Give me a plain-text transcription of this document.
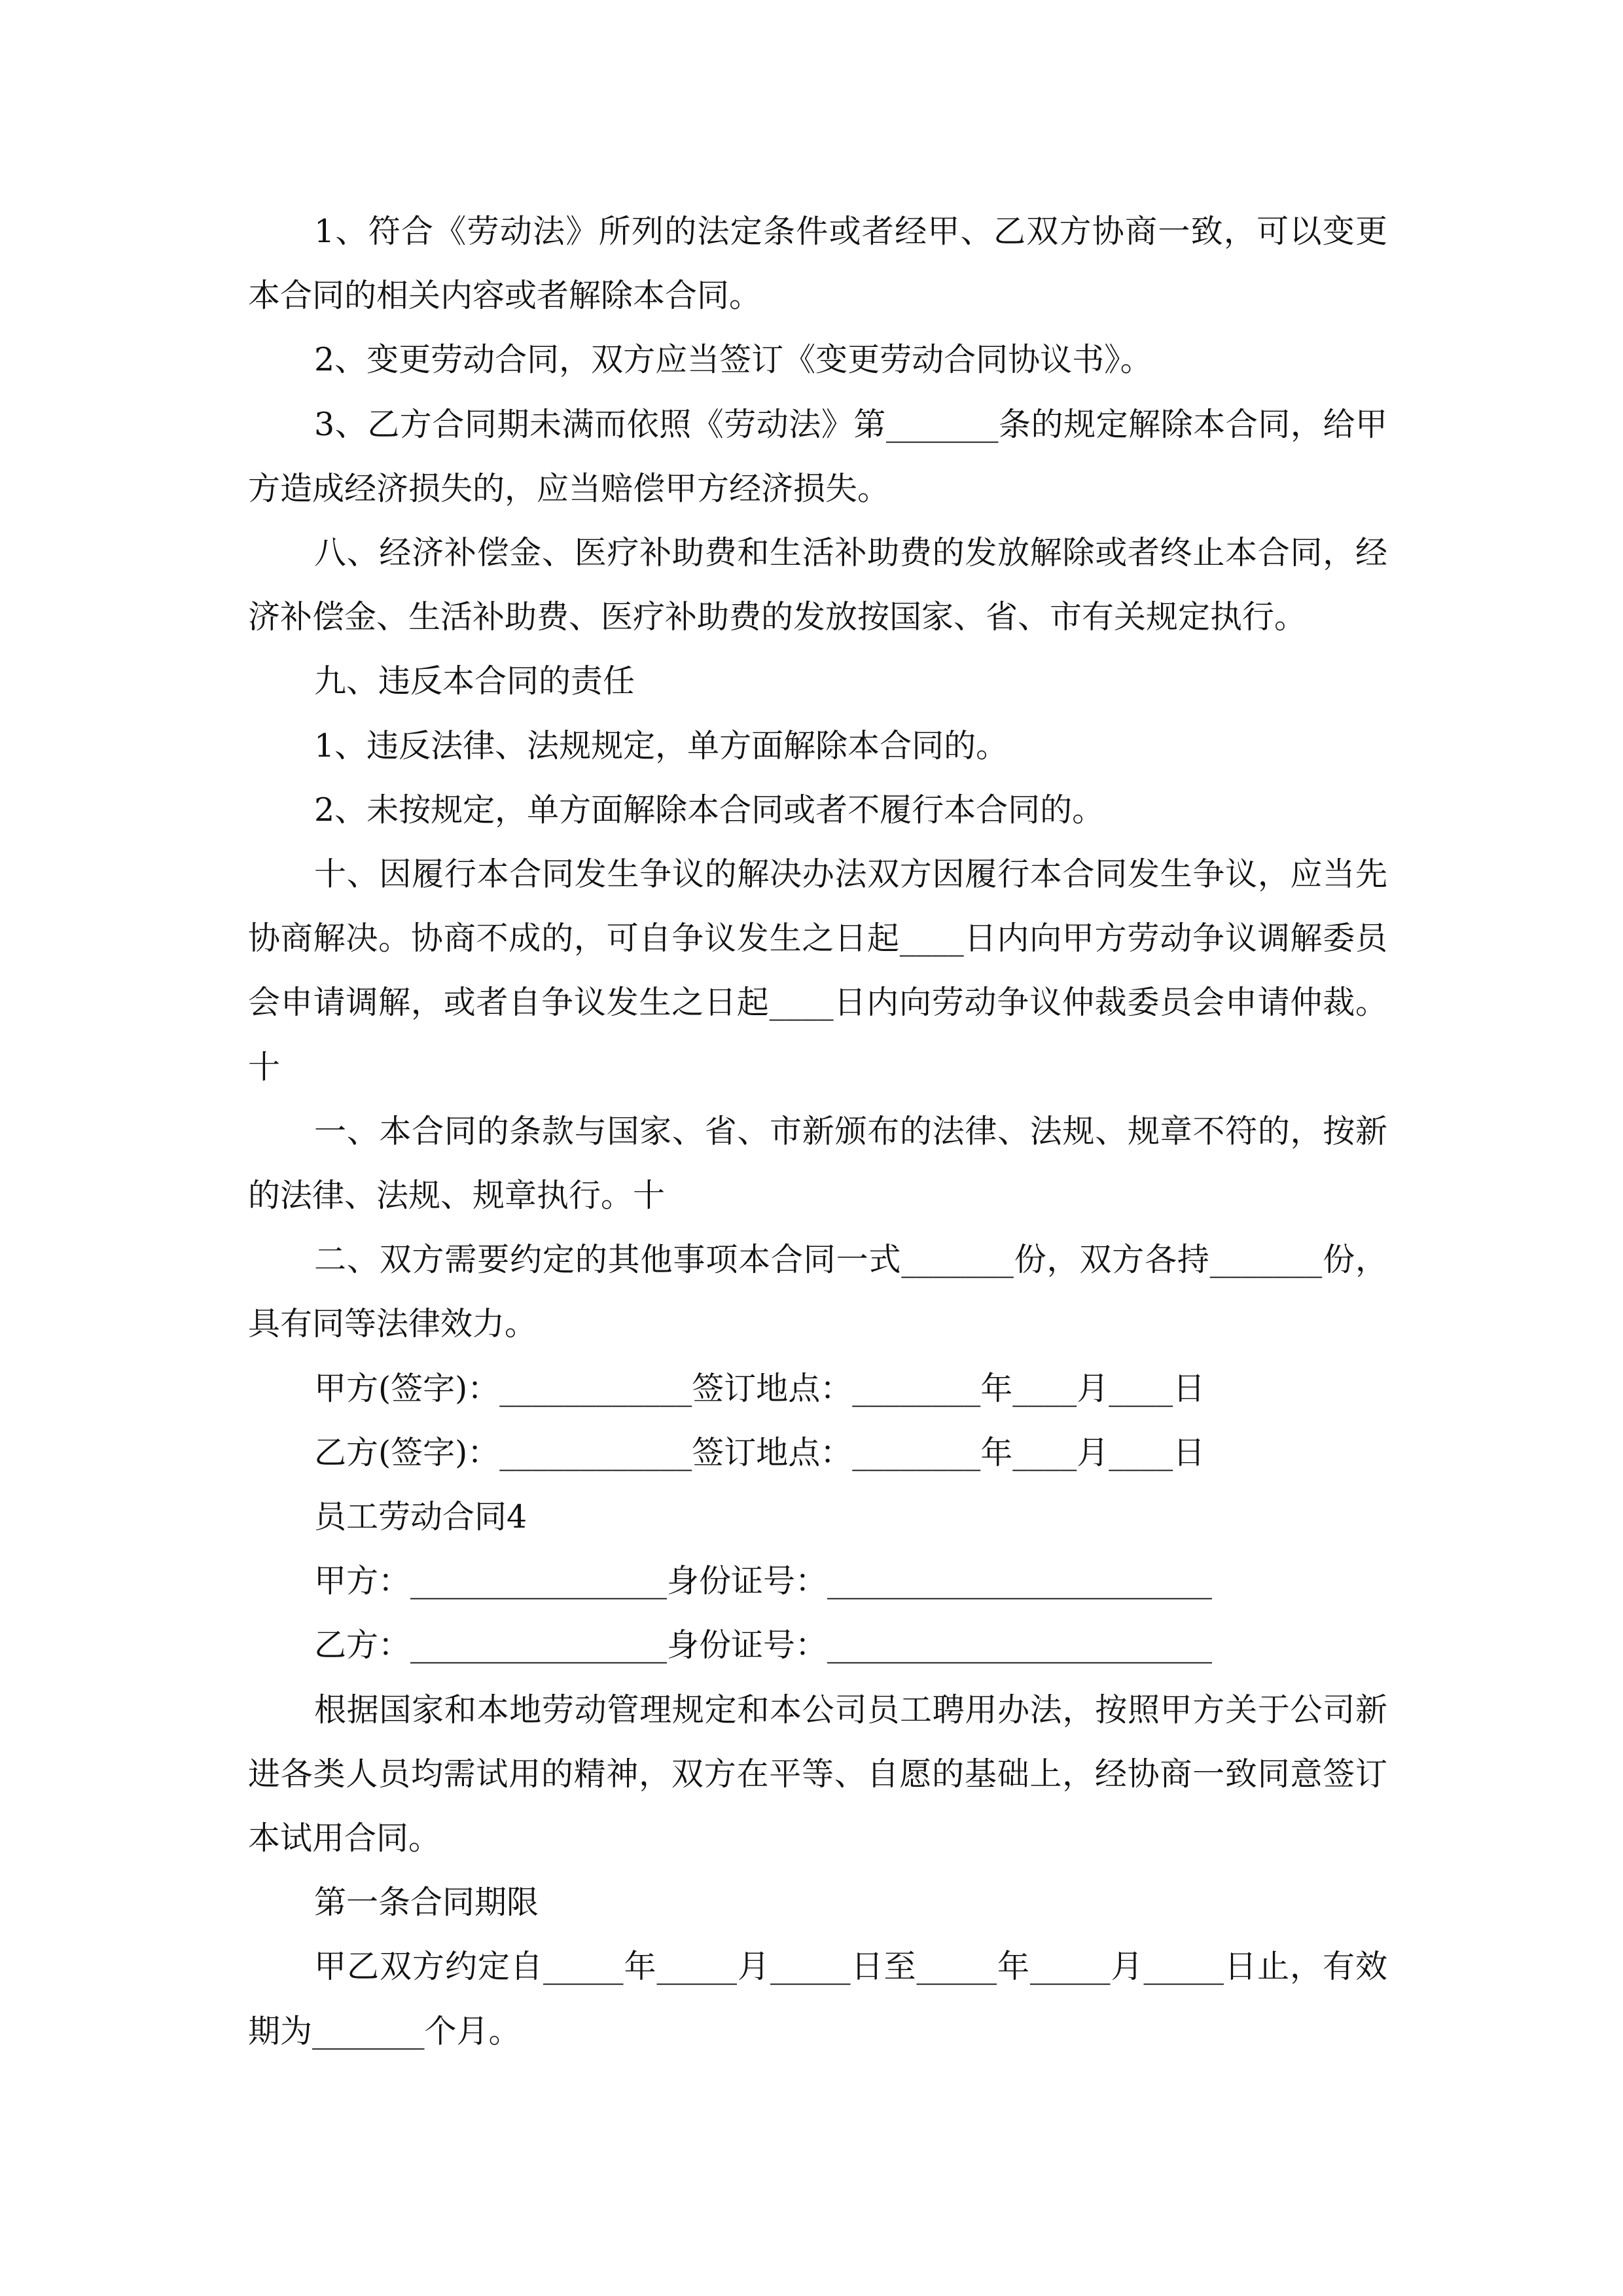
1、符合《劳动法》所列的法定条件或者经甲、乙双方协商一致，可以变更
本合同的相关内容或者解除本合同。
2、变更劳动合同，双方应当签订《变更劳动合同协议书》。
3、乙方合同期未满而依照《劳动法》第_______条的规定解除本合同，给甲
方造成经济损失的，应当赔偿甲方经济损失。
八、经济补偿金、医疗补助费和生活补助费的发放解除或者终止本合同，经
济补偿金、生活补助费、医疗补助费的发放按国家、省、市有关规定执行。
九、违反本合同的责任
1、违反法律、法规规定，单方面解除本合同的。
2、未按规定，单方面解除本合同或者不履行本合同的。
十、因履行本合同发生争议的解决办法双方因履行本合同发生争议，应当先
协商解决。协商不成的，可自争议发生之日起____日内向甲方劳动争议调解委员
会申请调解，或者自争议发生之日起____日内向劳动争议仲裁委员会申请仲裁。
十
一、本合同的条款与国家、省、市新颁布的法律、法规、规章不符的，按新
的法律、法规、规章执行。十
二、双方需要约定的其他事项本合同一式_______份，双方各持_______份，
具有同等法律效力。
甲方(签字)：____________签订地点：________年____月____日
乙方(签字)：____________签订地点：________年____月____日
员工劳动合同4
甲方：________________身份证号：________________________
乙方：________________身份证号：________________________
根据国家和本地劳动管理规定和本公司员工聘用办法，按照甲方关于公司新
进各类人员均需试用的精神，双方在平等、自愿的基础上，经协商一致同意签订
本试用合同。
第一条合同期限
甲乙双方约定自_____年_____月_____日至_____年_____月_____日止，有效
期为_______个月。
